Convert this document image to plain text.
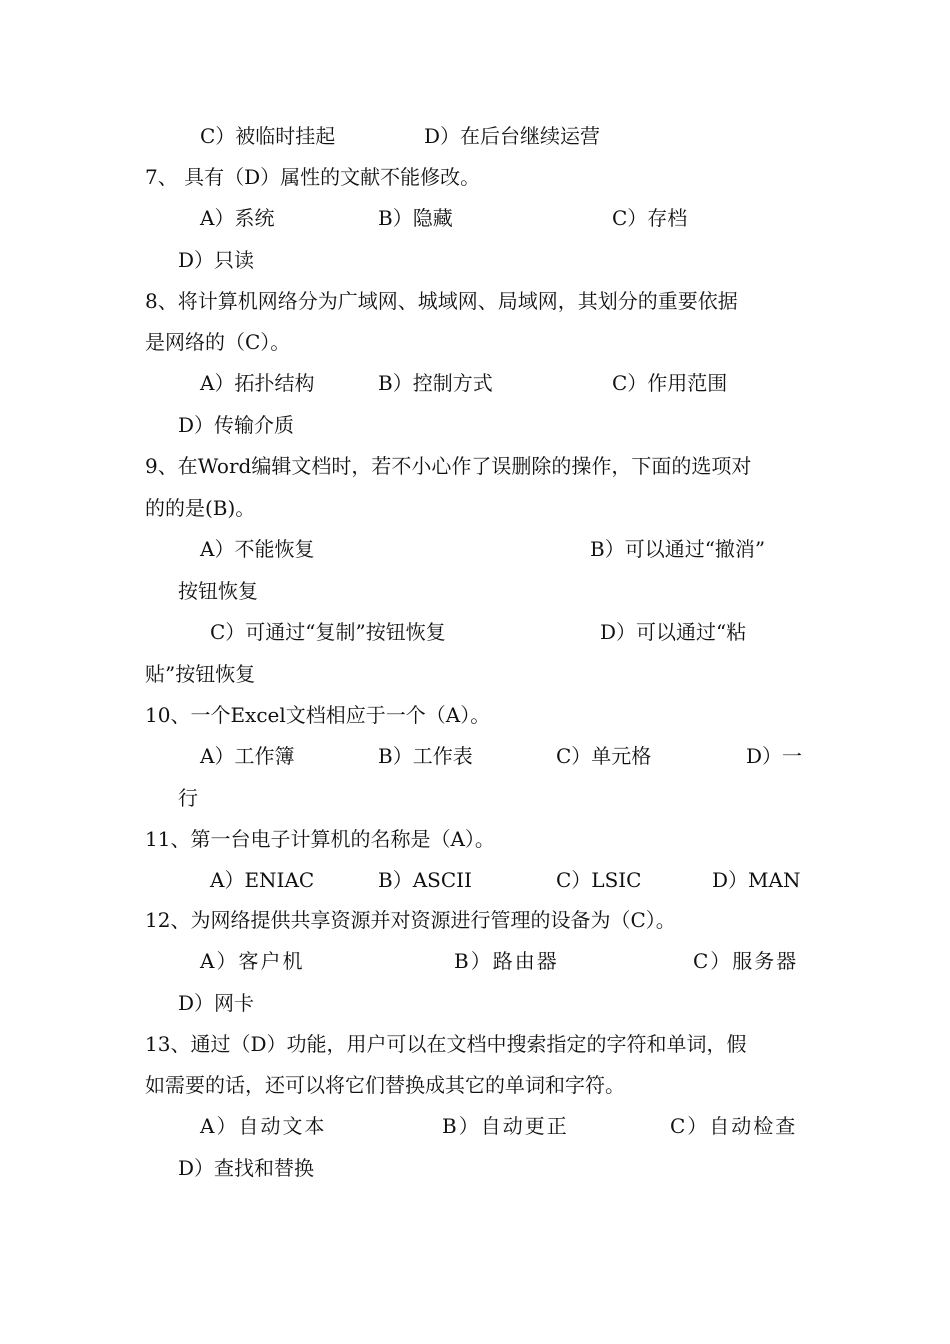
C）被临时挂起	D）在后台继续运营
7、 具有（D）属性的文献不能修改。
A）系统	B）隐藏	C）存档
D）只读
8、将计算机网络分为广域网、城域网、局域网，其划分的重要依据
是网络的（C）。
A）拓扑结构	B）控制方式	C）作用范围
D）传输介质
9、在Word编辑文档时，若不小心作了误删除的操作，下面的选项对
的的是(B)。
A）不能恢复	B）可以通过“撤消”
按钮恢复
C）可通过“复制”按钮恢复	D）可以通过“粘
贴”按钮恢复
10、一个Excel文档相应于一个（A）。
A）工作簿	B）工作表	C）单元格	D）一
行
11、第一台电子计算机的名称是（A）。
A）ENIAC	B）ASCII	C）LSIC	D）MAN
12、为网络提供共享资源并对资源进行管理的设备为（C）。
A）客户机	B）路由器	C）服务器
D）网卡
13、通过（D）功能，用户可以在文档中搜索指定的字符和单词，假
如需要的话，还可以将它们替换成其它的单词和字符。
A）自动文本	B）自动更正	C）自动检查
D）查找和替换
